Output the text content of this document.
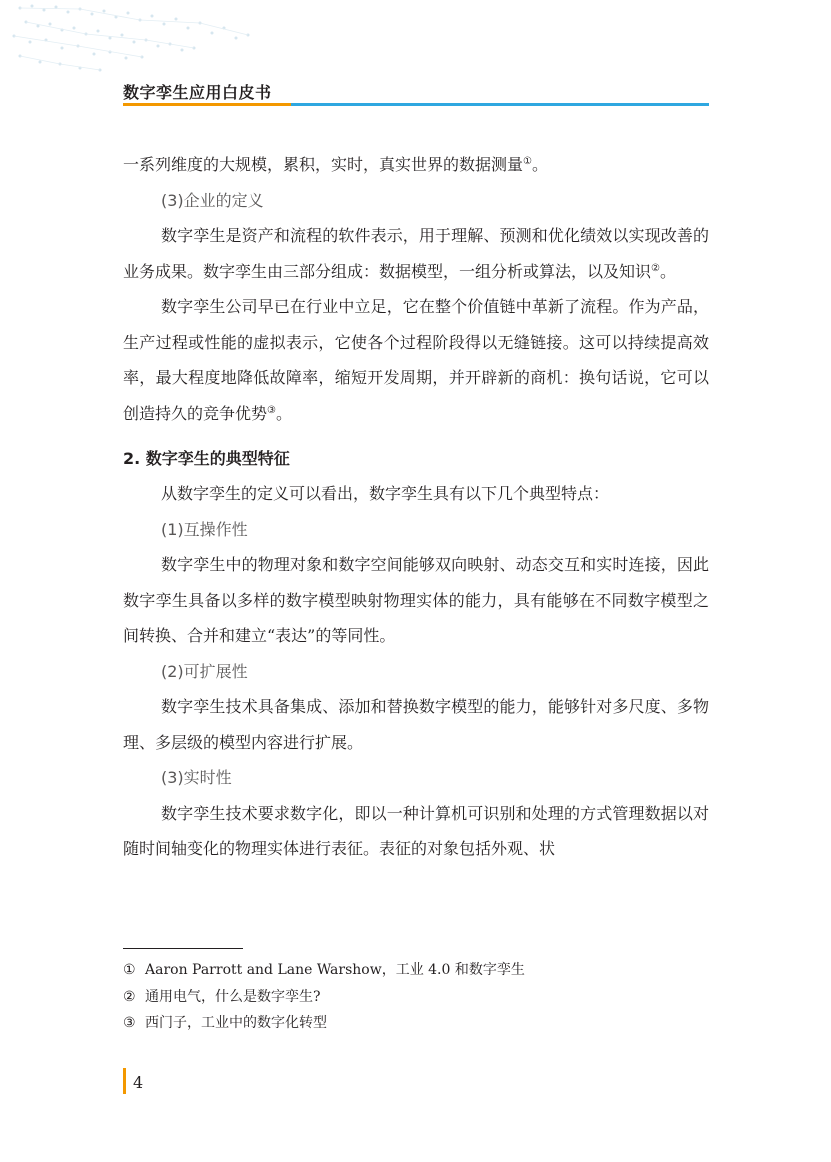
数字孪生应用白皮书

一系列维度的大规模，累积，实时，真实世界的数据测量①。

(3)企业的定义

数字孪生是资产和流程的软件表示，用于理解、预测和优化绩效以实现改善的业务成果。数字孪生由三部分组成：数据模型，一组分析或算法，以及知识②。

数字孪生公司早已在行业中立足，它在整个价值链中革新了流程。作为产品，生产过程或性能的虚拟表示，它使各个过程阶段得以无缝链接。这可以持续提高效率，最大程度地降低故障率，缩短开发周期，并开辟新的商机：换句话说，它可以创造持久的竞争优势③。

2. 数字孪生的典型特征

从数字孪生的定义可以看出，数字孪生具有以下几个典型特点：

(1)互操作性

数字孪生中的物理对象和数字空间能够双向映射、动态交互和实时连接，因此数字孪生具备以多样的数字模型映射物理实体的能力，具有能够在不同数字模型之间转换、合并和建立“表达”的等同性。

(2)可扩展性

数字孪生技术具备集成、添加和替换数字模型的能力，能够针对多尺度、多物理、多层级的模型内容进行扩展。

(3)实时性

数字孪生技术要求数字化，即以一种计算机可识别和处理的方式管理数据以对随时间轴变化的物理实体进行表征。表征的对象包括外观、状

① Aaron Parrott and Lane Warshow，工业 4.0 和数字孪生

② 通用电气，什么是数字孪生?

③ 西门子，工业中的数字化转型

4
